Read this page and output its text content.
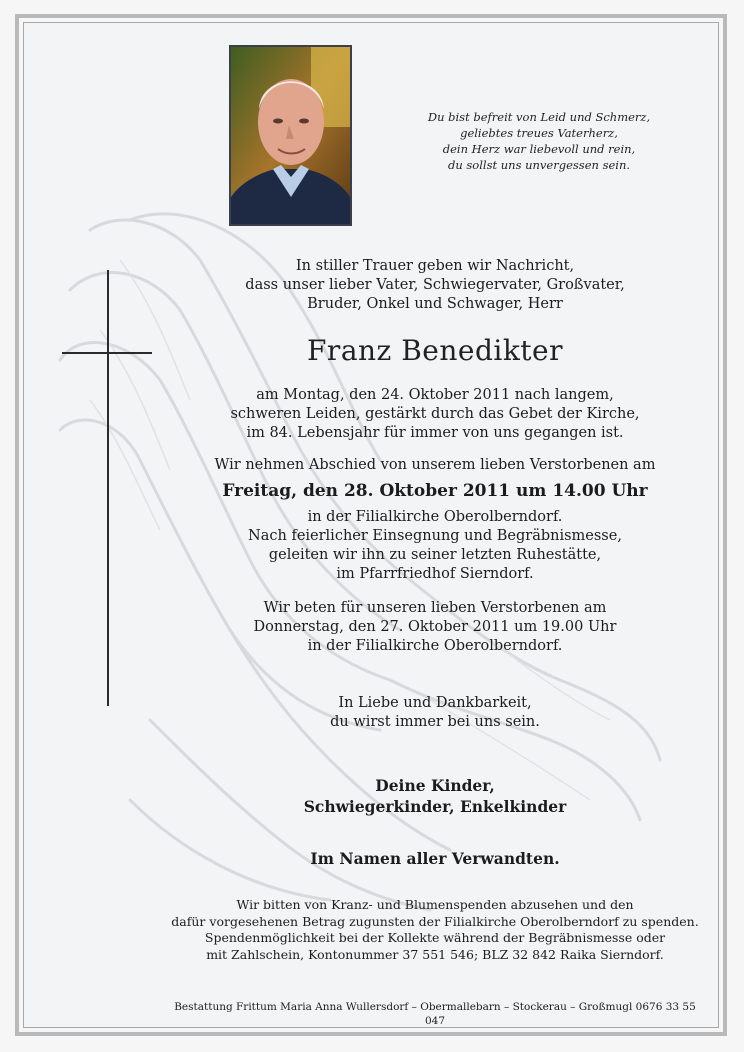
Du bist befreit von Leid und Schmerz,
geliebtes treues Vaterherz,
dein Herz war liebevoll und rein,
du sollst uns unvergessen sein.
In stiller Trauer geben wir Nachricht,
dass unser lieber Vater, Schwiegervater, Großvater,
Bruder, Onkel und Schwager, Herr
Franz Benedikter
am Montag, den 24. Oktober 2011 nach langem,
schweren Leiden, gestärkt durch das Gebet der Kirche,
im 84. Lebensjahr für immer von uns gegangen ist.
Wir nehmen Abschied von unserem lieben Verstorbenen am
Freitag, den 28. Oktober 2011 um 14.00 Uhr
in der Filialkirche Oberolberndorf.
Nach feierlicher Einsegnung und Begräbnismesse,
geleiten wir ihn zu seiner letzten Ruhestätte,
im Pfarrfriedhof Sierndorf.
Wir beten für unseren lieben Verstorbenen am
Donnerstag, den 27. Oktober 2011 um 19.00 Uhr
in der Filialkirche Oberolberndorf.
In Liebe und Dankbarkeit,
du wirst immer bei uns sein.
Deine Kinder,
Schwiegerkinder, Enkelkinder
Im Namen aller Verwandten.
Wir bitten von Kranz- und Blumenspenden abzusehen und den
dafür vorgesehenen Betrag zugunsten der Filialkirche Oberolberndorf zu spenden.
Spendenmöglichkeit bei der Kollekte während der Begräbnismesse oder
mit Zahlschein, Kontonummer 37 551 546; BLZ 32 842 Raika Sierndorf.
Bestattung Frittum Maria Anna Wullersdorf – Obermallebarn – Stockerau – Großmugl 0676 33 55 047
